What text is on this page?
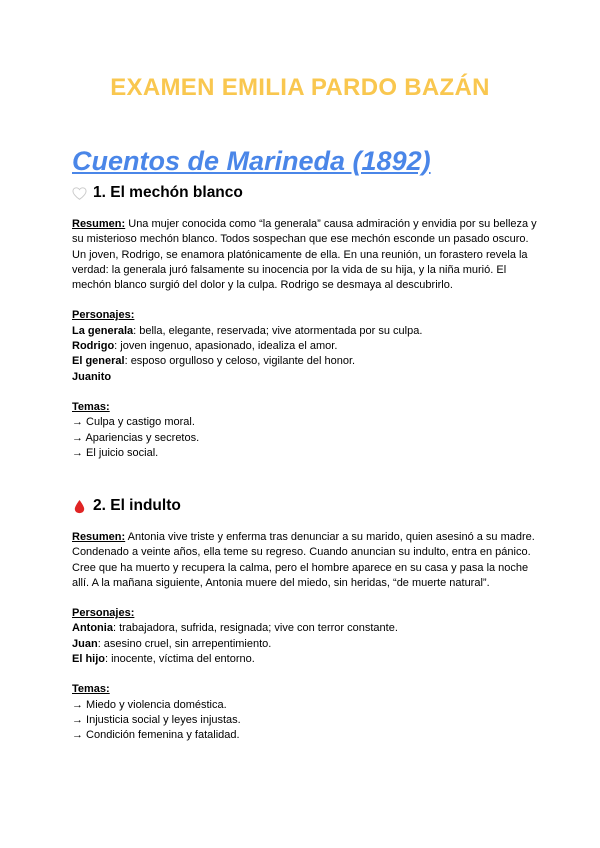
EXAMEN EMILIA PARDO BAZÁN
Cuentos de Marineda (1892)
1. El mechón blanco

Resumen: Una mujer conocida como “la generala” causa admiración y envidia por su belleza y su misterioso mechón blanco. Todos sospechan que ese mechón esconde un pasado oscuro. Un joven, Rodrigo, se enamora platónicamente de ella. En una reunión, un forastero revela la verdad: la generala juró falsamente su inocencia por la vida de su hija, y la niña murió. El mechón blanco surgió del dolor y la culpa. Rodrigo se desmaya al descubrirlo.

Personajes:

La generala: bella, elegante, reservada; vive atormentada por su culpa.

Rodrigo: joven ingenuo, apasionado, idealiza el amor.

El general: esposo orgulloso y celoso, vigilante del honor.

Juanito

Temas:

→ Culpa y castigo moral.

→ Apariencias y secretos.

→ El juicio social.

2. El indulto

Resumen: Antonia vive triste y enferma tras denunciar a su marido, quien asesinó a su madre. Condenado a veinte años, ella teme su regreso. Cuando anuncian su indulto, entra en pánico. Cree que ha muerto y recupera la calma, pero el hombre aparece en su casa y pasa la noche allí. A la mañana siguiente, Antonia muere del miedo, sin heridas, “de muerte natural”.

Personajes:

Antonia: trabajadora, sufrida, resignada; vive con terror constante.

Juan: asesino cruel, sin arrepentimiento.

El hijo: inocente, víctima del entorno.

Temas:

→ Miedo y violencia doméstica.

→ Injusticia social y leyes injustas.

→ Condición femenina y fatalidad.
